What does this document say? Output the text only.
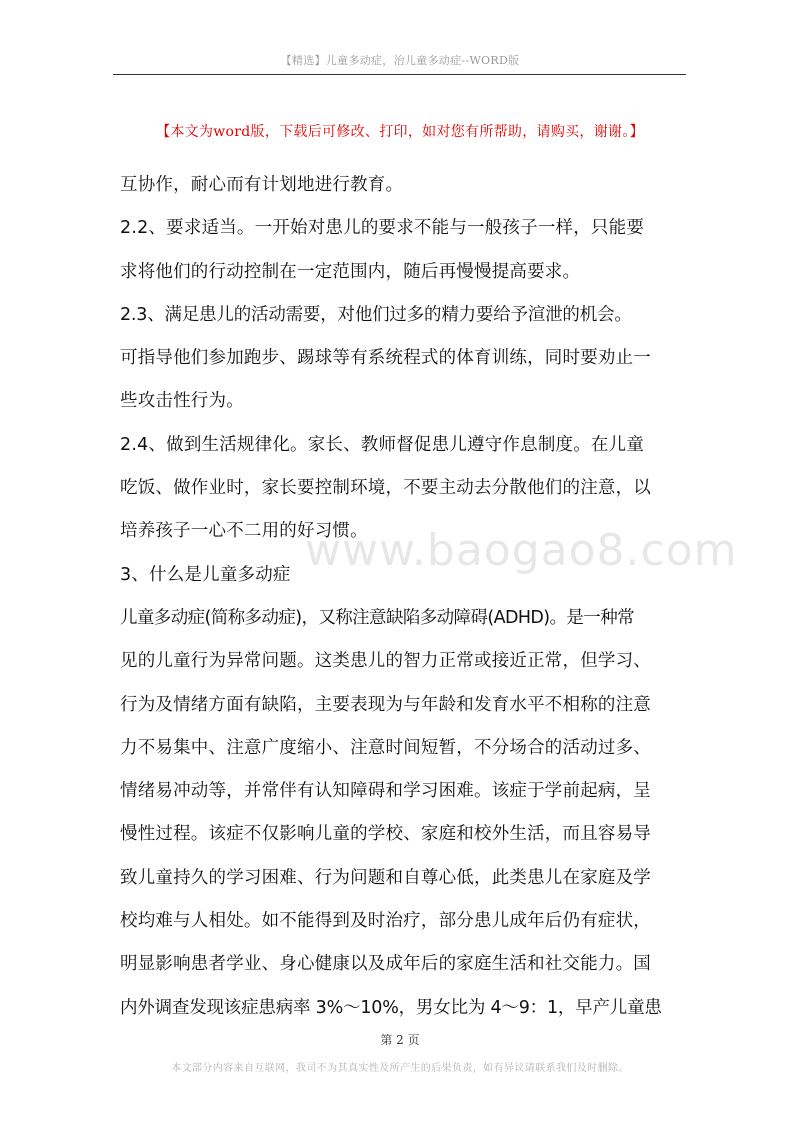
【精选】儿童多动症，治儿童多动症--WORD版
【本文为word版，下载后可修改、打印，如对您有所帮助，请购买，谢谢。】
互协作，耐心而有计划地进行教育。
2.2、要求适当。一开始对患儿的要求不能与一般孩子一样，只能要
求将他们的行动控制在一定范围内，随后再慢慢提高要求。
2.3、满足患儿的活动需要，对他们过多的精力要给予渲泄的机会。
可指导他们参加跑步、踢球等有系统程式的体育训练，同时要劝止一
些攻击性行为。
2.4、做到生活规律化。家长、教师督促患儿遵守作息制度。在儿童
吃饭、做作业时，家长要控制环境，不要主动去分散他们的注意，以
培养孩子一心不二用的好习惯。
3、什么是儿童多动症
儿童多动症(简称多动症)，又称注意缺陷多动障碍(ADHD)。是一种常
见的儿童行为异常问题。这类患儿的智力正常或接近正常，但学习、
行为及情绪方面有缺陷，主要表现为与年龄和发育水平不相称的注意
力不易集中、注意广度缩小、注意时间短暂，不分场合的活动过多、
情绪易冲动等，并常伴有认知障碍和学习困难。该症于学前起病，呈
慢性过程。该症不仅影响儿童的学校、家庭和校外生活，而且容易导
致儿童持久的学习困难、行为问题和自尊心低，此类患儿在家庭及学
校均难与人相处。如不能得到及时治疗，部分患儿成年后仍有症状，
明显影响患者学业、身心健康以及成年后的家庭生活和社交能力。国
内外调查发现该症患病率 3%～10%，男女比为 4～9：1，早产儿童患
www.baogao8.com
第 2 页
本文部分内容来自互联网，我司不为其真实性及所产生的后果负责，如有异议请联系我们及时删除。
